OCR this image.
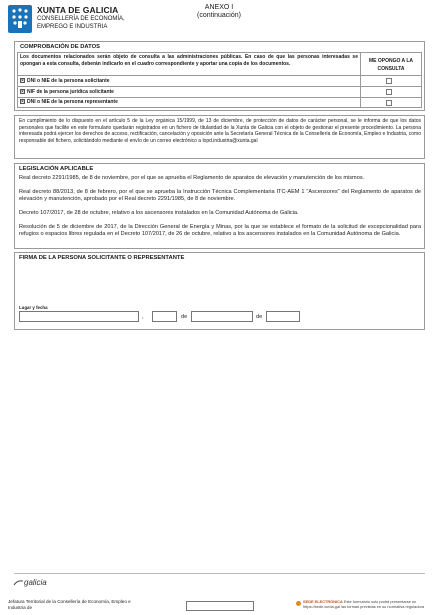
XUNTA DE GALICIA
CONSELLERÍA DE ECONOMÍA,
EMPREGO E INDUSTRIA
ANEXO I
(continuación)
COMPROBACIÓN DE DATOS
Los documentos relacionados serán objeto de consulta a las administraciones públicas. En caso de que las personas interesadas se opongan a esta consulta, deberán indicarlo en el cuadro correspondiente y aportar una copia de los documentos.	ME OPONGO A LA
CONSULTA
× DNI o NIE de la persona solicitante
× NIF de la persona jurídica solicitante
× DNI o NIE de la persona representante
En cumplimiento de lo dispuesto en el artículo 5 de la Ley orgánica 15/1999, de 13 de diciembre, de protección de datos de carácter personal, se le informa de que los datos personales que facilite en este formulario quedarán registrados en un fichero de titularidad de la Xunta de Galicia con el objeto de gestionar el presente procedimiento. La persona interesada podrá ejercer los derechos de acceso, rectificación, cancelación y oposición ante la Secretaría General Técnica de la Consellería de Economía, Empleo e Industria, como responsable del fichero, solicitándolo mediante el envío de un correo electrónico a lopd.industria@xunta.gal
LEGISLACIÓN APLICABLE
Real decreto 2291/1985, de 8 de noviembre, por el que se aprueba el Reglamento de aparatos de elevación y manutención de los mismos.
Real decreto 88/2013, de 8 de febrero, por el que se aprueba la Instrucción Técnica Complementaria ITC-AEM 1 "Ascensores" del Reglamento de aparatos de elevación y manutención, aprobado por el Real decreto 2291/1985, de 8 de noviembre.
Decreto 107/2017, de 28 de octubre, relativo a los ascensores instalados en la Comunidad Autónoma de Galicia.
Resolución de 5 de diciembre de 2017, de la Dirección General de Energía y Minas, por la que se establece el formato de la solicitud de excepcionalidad para refugios o espacios libres regulada en el Decreto 107/2017, de 26 de octubre, relativo a los ascensores instalados en la Comunidad Autónoma de Galicia.
FIRMA DE LA PERSONA SOLICITANTE O REPRESENTANTE
Lugar y fecha
,	de	de
galicia
Jefatura Territorial de la Consellería de Economía, Empleo e
Industria de
SEDE ELECTRÓNICA Este formulario solo podrá presentarse en
https://sede.xunta.gal las formas previstas en su normativa reguladora
